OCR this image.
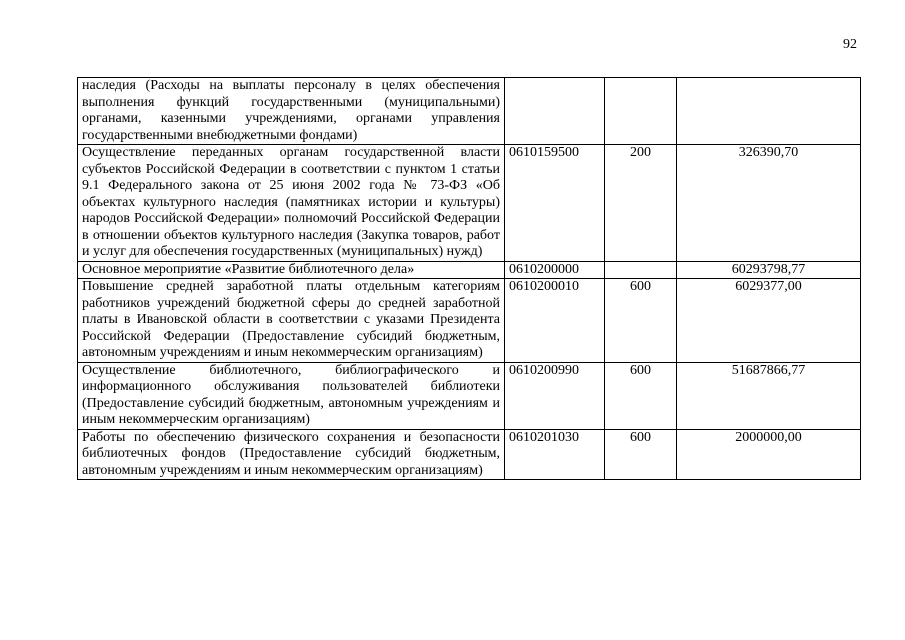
92
наследия (Расходы на выплаты персоналу в целях обеспечения выполнения функций государственными (муниципальными) органами, казенными учреждениями, органами управления государственными внебюджетными фондами)			
Осуществление переданных органам государственной власти субъектов Российской Федерации в соответствии с пунктом 1 статьи 9.1 Федерального закона от 25 июня 2002 года № 73-ФЗ «Об объектах культурного наследия (памятниках истории и культуры) народов Российской Федерации» полномочий Российской Федерации в отношении объектов культурного наследия (Закупка товаров, работ и услуг для обеспечения государственных (муниципальных) нужд)	0610159500	200	326390,70
Основное мероприятие «Развитие библиотечного дела»	0610200000		60293798,77
Повышение средней заработной платы отдельным категориям работников учреждений бюджетной сферы до средней заработной платы в Ивановской области в соответствии с указами Президента Российской Федерации (Предоставление субсидий бюджетным, автономным учреждениям и иным некоммерческим организациям)	0610200010	600	6029377,00
Осуществление библиотечного, библиографического и информационного обслуживания пользователей библиотеки (Предоставление субсидий бюджетным, автономным учреждениям и иным некоммерческим организациям)	0610200990	600	51687866,77
Работы по обеспечению физического сохранения и безопасности библиотечных фондов (Предоставление субсидий бюджетным, автономным учреждениям и иным некоммерческим организациям)	0610201030	600	2000000,00
